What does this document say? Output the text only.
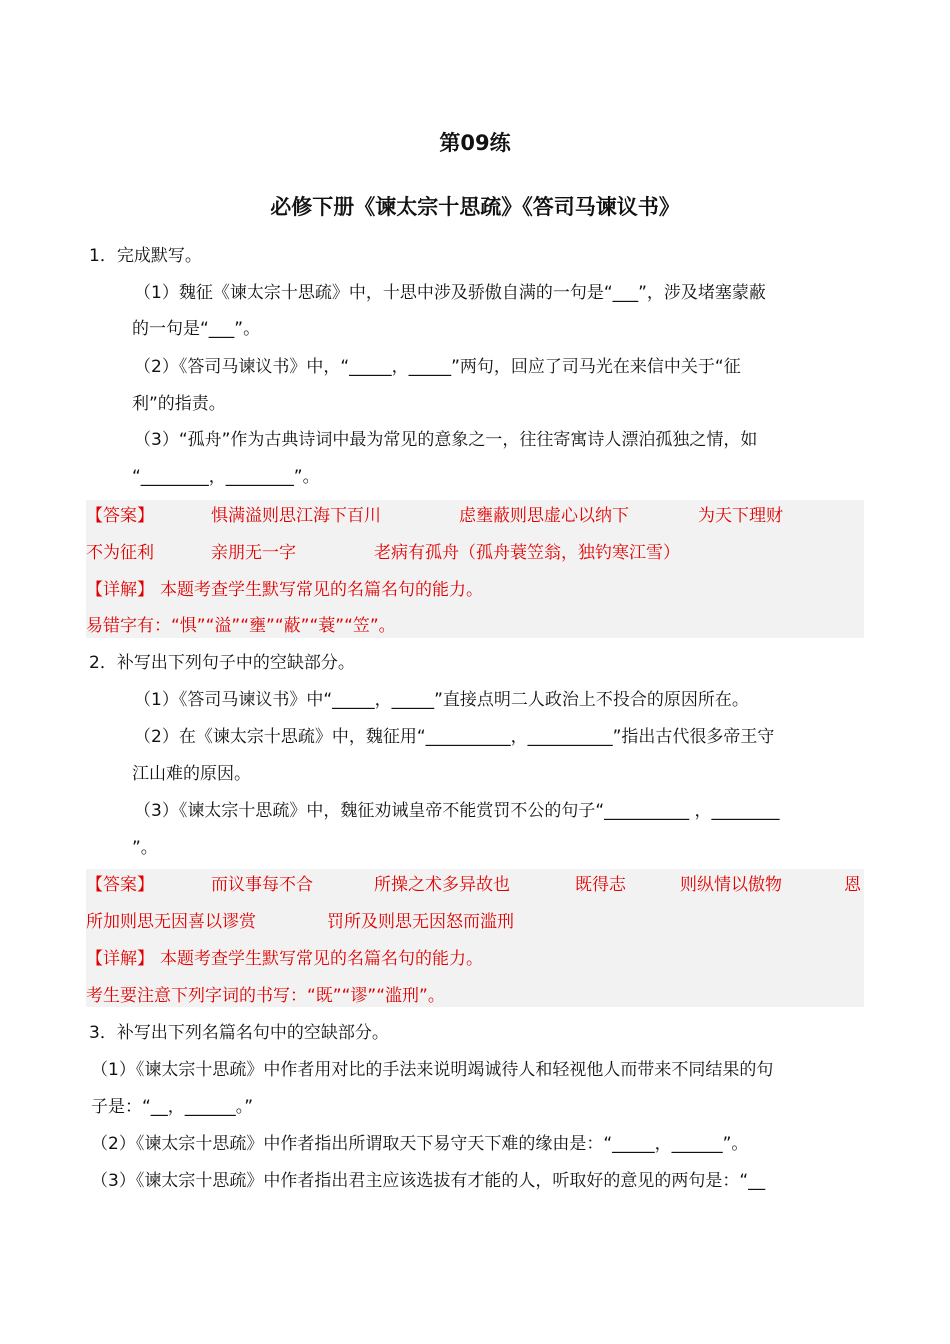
第09练
必修下册《谏太宗十思疏》《答司马谏议书》
1．完成默写。
（1）魏征《谏太宗十思疏》中，十思中涉及骄傲自满的一句是“___”，涉及堵塞蒙蔽
的一句是“___”。
（2）《答司马谏议书》中，“_____，_____”两句，回应了司马光在来信中关于“征
利”的指责。
（3）“孤舟”作为古典诗词中最为常见的意象之一，往往寄寓诗人漂泊孤独之情，如
“________，________”。
【答案】	惧满溢则思江海下百川	虑壅蔽则思虚心以纳下	为天下理财
不为征利	亲朋无一字	老病有孤舟（孤舟蓑笠翁，独钓寒江雪）
【详解】 本题考查学生默写常见的名篇名句的能力。
易错字有：“惧”“溢”“壅”“蔽”“蓑”“笠”。
2．补写出下列句子中的空缺部分。
（1）《答司马谏议书》中“_____，_____”直接点明二人政治上不投合的原因所在。
（2）在《谏太宗十思疏》中，魏征用“__________，__________”指出古代很多帝王守
江山难的原因。
（3）《谏太宗十思疏》中，魏征劝诫皇帝不能赏罚不公的句子“__________ ，________
”。
【答案】	而议事每不合	所操之术多异故也	既得志	则纵情以傲物	恩
所加则思无因喜以谬赏	罚所及则思无因怒而滥刑
【详解】 本题考查学生默写常见的名篇名句的能力。
考生要注意下列字词的书写：“既”“谬”“滥刑”。
3．补写出下列名篇名句中的空缺部分。
（1）《谏太宗十思疏》中作者用对比的手法来说明竭诚待人和轻视他人而带来不同结果的句
子是：“__，______。”
（2）《谏太宗十思疏》中作者指出所谓取天下易守天下难的缘由是：“_____，______”。
（3）《谏太宗十思疏》中作者指出君主应该选拔有才能的人，听取好的意见的两句是：“__
